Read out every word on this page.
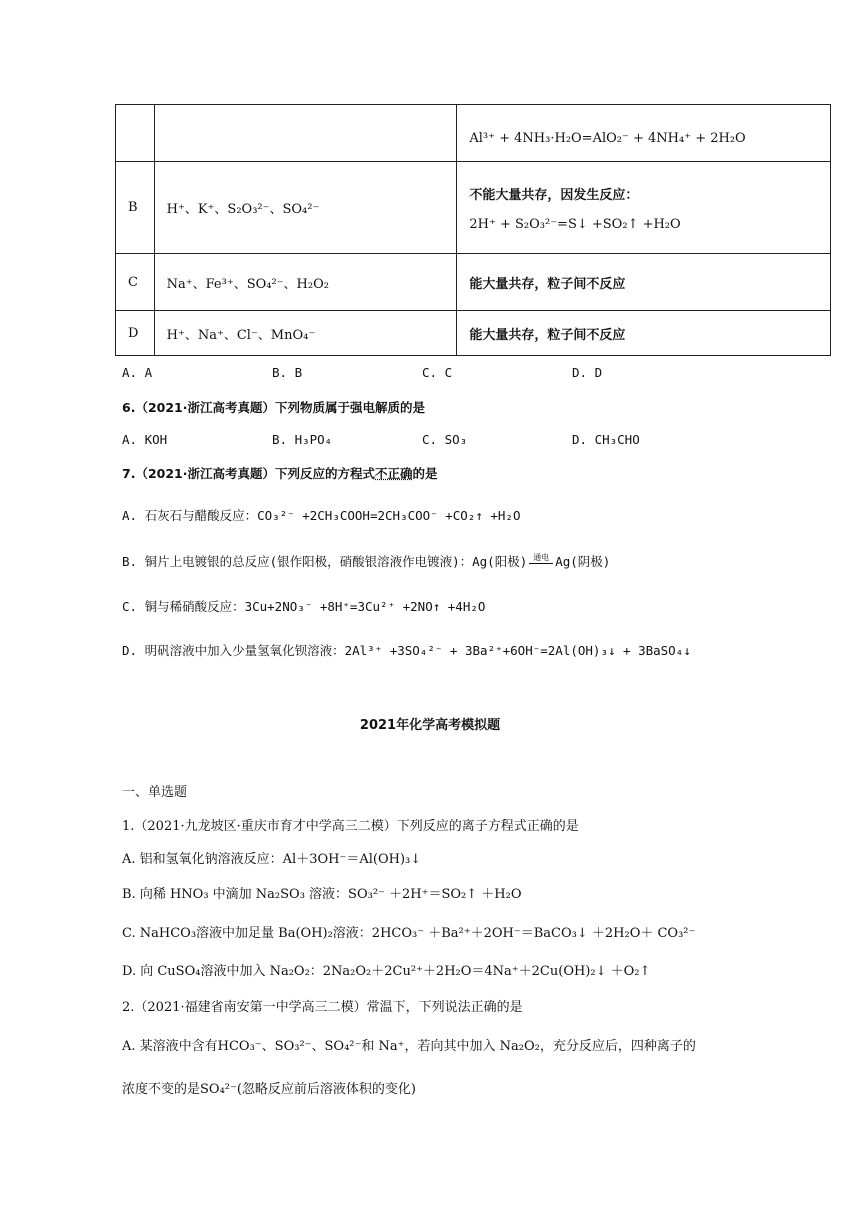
		Al³⁺ + 4NH₃·H₂O=AlO₂⁻ + 4NH₄⁺ + 2H₂O
B	H⁺、K⁺、S₂O₃²⁻、SO₄²⁻	不能大量共存，因发生反应：
2H⁺ + S₂O₃²⁻=S↓ +SO₂↑ +H₂O

C	Na⁺、Fe³⁺、SO₄²⁻、H₂O₂	能大量共存，粒子间不反应
D	H⁺、Na⁺、Cl⁻、MnO₄⁻	能大量共存，粒子间不反应
A. A	B. B	C. C	D. D
6.（2021·浙江高考真题）下列物质属于强电解质的是
A. KOH	B. H₃PO₄	C. SO₃	D. CH₃CHO
7.（2021·浙江高考真题）下列反应的方程式不正确的是
A. 石灰石与醋酸反应：CO₃²⁻ +2CH₃COOH=2CH₃COO⁻ +CO₂↑ +H₂O
B. 铜片上电镀银的总反应(银作阳极，硝酸银溶液作电镀液)：Ag(阳极) 通电 Ag(阴极)
C. 铜与稀硝酸反应：3Cu+2NO₃⁻ +8H⁺=3Cu²⁺ +2NO↑ +4H₂O
D. 明矾溶液中加入少量氢氧化钡溶液：2Al³⁺ +3SO₄²⁻ + 3Ba²⁺+6OH⁻=2Al(OH)₃↓ + 3BaSO₄↓
2021年化学高考模拟题
一、单选题
1.（2021·九龙坡区·重庆市育才中学高三二模）下列反应的离子方程式正确的是
A. 铝和氢氧化钠溶液反应：Al＋3OH⁻＝Al(OH)₃↓
B. 向稀 HNO₃ 中滴加 Na₂SO₃ 溶液：SO₃²⁻ ＋2H⁺＝SO₂↑ ＋H₂O
C. NaHCO₃溶液中加足量 Ba(OH)₂溶液：2HCO₃⁻ ＋Ba²⁺＋2OH⁻＝BaCO₃↓ ＋2H₂O＋ CO₃²⁻
D. 向 CuSO₄溶液中加入 Na₂O₂：2Na₂O₂＋2Cu²⁺＋2H₂O＝4Na⁺＋2Cu(OH)₂↓ ＋O₂↑
2.（2021·福建省南安第一中学高三二模）常温下，下列说法正确的是
A. 某溶液中含有HCO₃⁻、SO₃²⁻、SO₄²⁻和 Na⁺，若向其中加入 Na₂O₂，充分反应后，四种离子的
浓度不变的是SO₄²⁻(忽略反应前后溶液体积的变化)
